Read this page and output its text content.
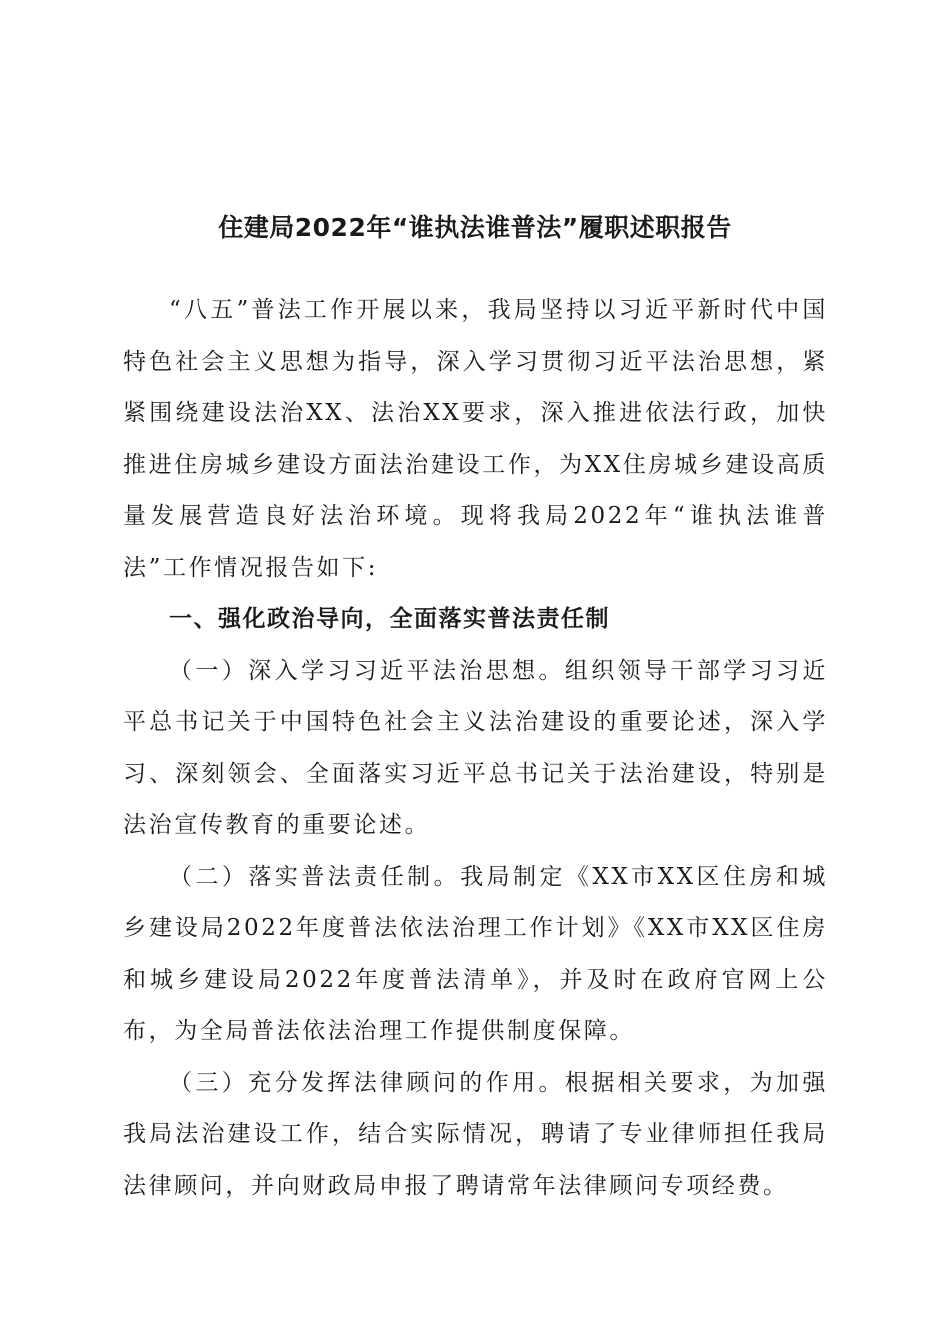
住建局2022年“谁执法谁普法”履职述职报告

“八五”普法工作开展以来，我局坚持以习近平新时代中国特色社会主义思想为指导，深入学习贯彻习近平法治思想，紧紧围绕建设法治XX、法治XX要求，深入推进依法行政，加快推进住房城乡建设方面法治建设工作，为XX住房城乡建设高质量发展营造良好法治环境。现将我局2022年“谁执法谁普法”工作情况报告如下:

一、强化政治导向，全面落实普法责任制

（一）深入学习习近平法治思想。组织领导干部学习习近平总书记关于中国特色社会主义法治建设的重要论述，深入学习、深刻领会、全面落实习近平总书记关于法治建设，特别是法治宣传教育的重要论述。

（二）落实普法责任制。我局制定《XX市XX区住房和城乡建设局2022年度普法依法治理工作计划》《XX市XX区住房和城乡建设局2022年度普法清单》，并及时在政府官网上公布，为全局普法依法治理工作提供制度保障。

（三）充分发挥法律顾问的作用。根据相关要求，为加强我局法治建设工作，结合实际情况，聘请了专业律师担任我局法律顾问，并向财政局申报了聘请常年法律顾问专项经费。
